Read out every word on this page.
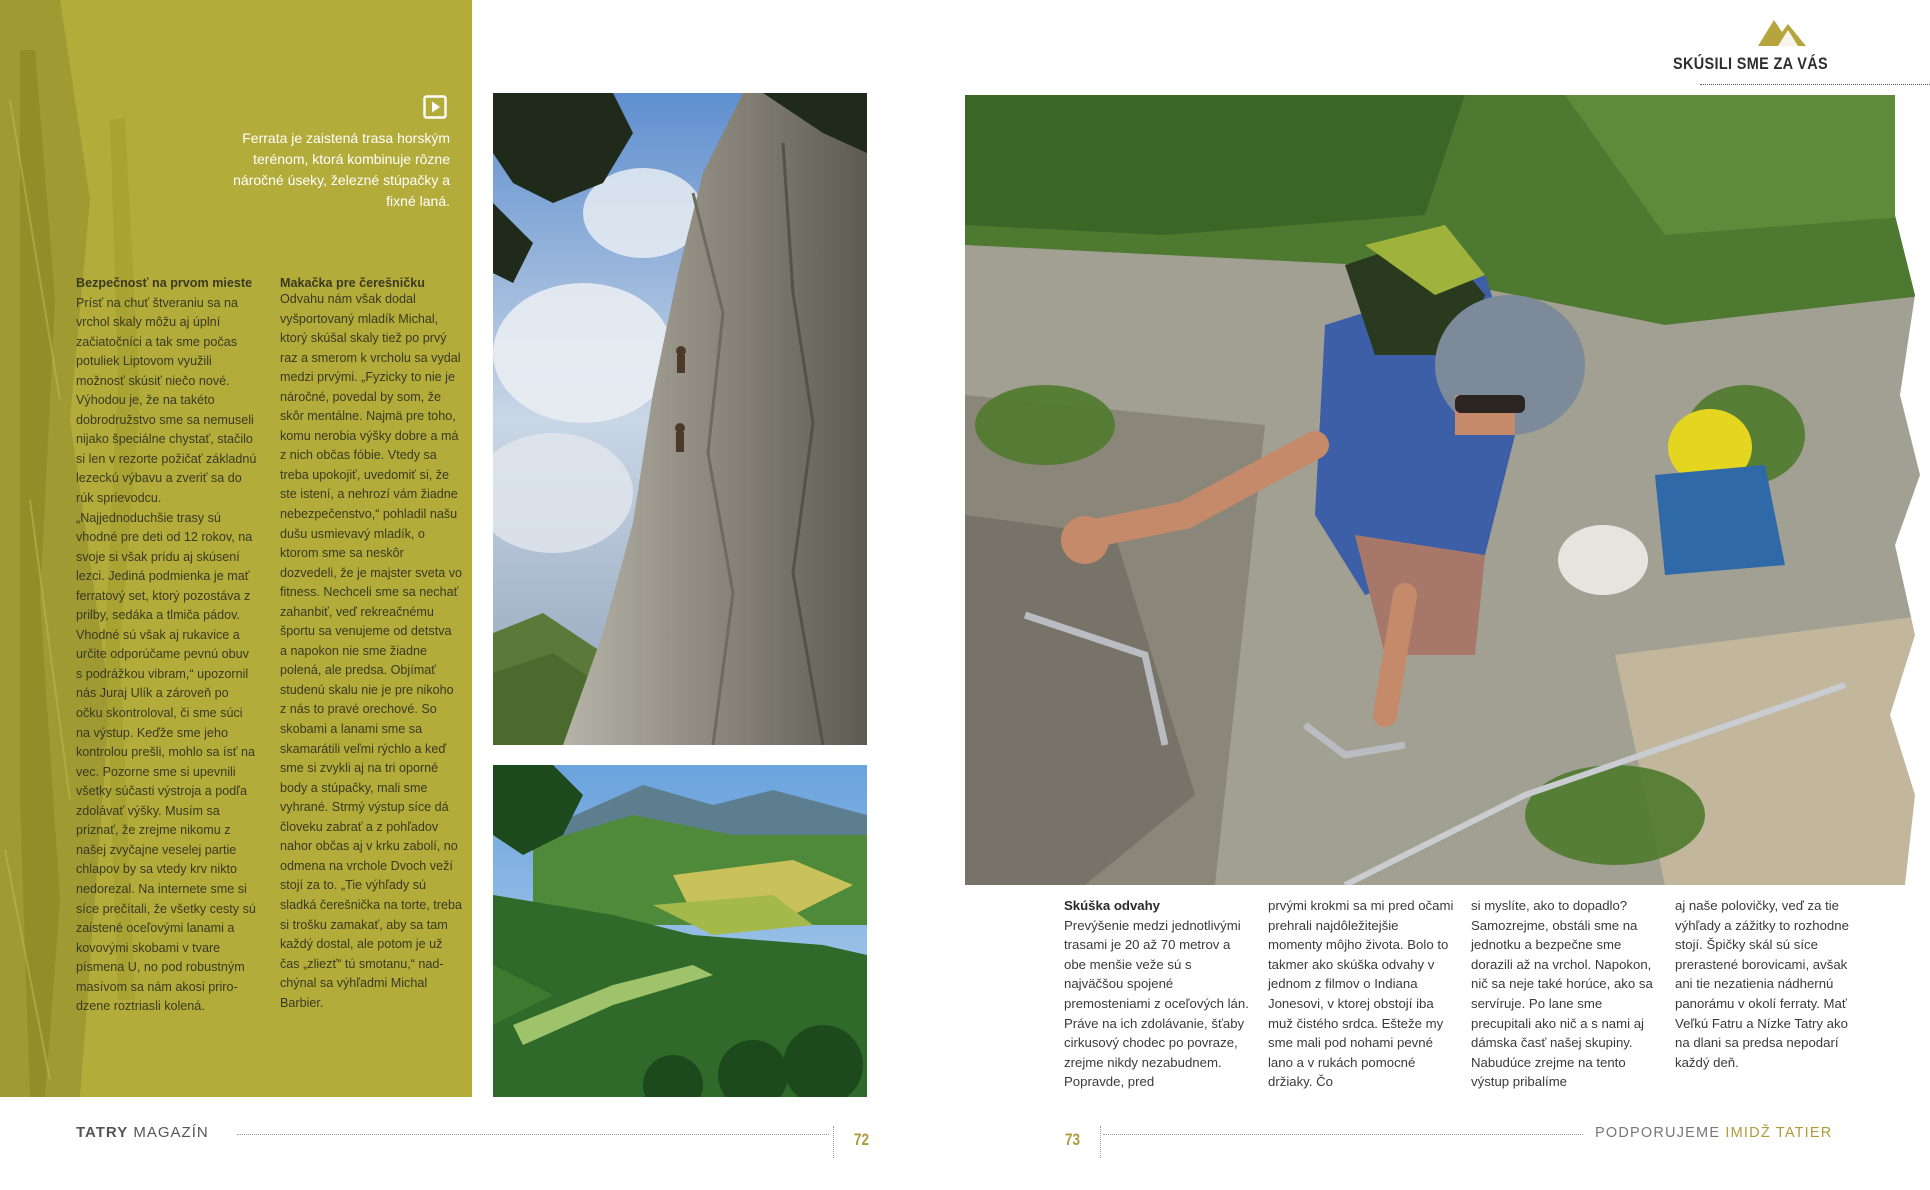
Ferrata je zaistená trasa horským terénom, ktorá kombinuje rôzne náročné úseky, železné stúpačky a fixné laná.
Bezpečnosť na prvom mieste
Prísť na chuť štveraniu sa na vrchol skaly môžu aj úplní začiatočníci a tak sme počas potuliek Liptovom využili možnosť skúsiť niečo nové. Výhodou je, že na takéto dobrodružstvo sme sa nemuseli nijako špeciálne chystať, stačilo si len v rezorte požičať základnú lezeckú výbavu a zveriť sa do rúk sprievodcu. „Najjednoduchšie trasy sú vhodné pre deti od 12 rokov, na svoje si však prídu aj skúsení lezci. Jediná podmienka je mať ferratový set, ktorý pozostáva z prilby, sedáka a tlmiča pádov. Vhodné sú však aj rukavice a určite odporúčame pevnú obuv s podrážkou vibram,“ upozornil nás Juraj Ulík a zároveň po očku skontroloval, či sme súci na výstup. Keďže sme jeho kontrolou prešli, mohlo sa ísť na vec. Pozorne sme si upevnili všetky súčasti výstroja a podľa zdolávať výšky. Musím sa priznať, že zrejme nikomu z našej zvyčajne veselej partie chlapov by sa vtedy krv nikto nedorezal. Na internete sme si síce prečítali, že všetky cesty sú zaistené oceľovými lanami a kovovými skobami v tvare písmena U, no pod robustným masívom sa nám akosi prirodzene roztriasli kolená.
Makačka pre čerešničku
Odvahu nám však dodal vyšportovaný mladík Michal, ktorý skúšal skaly tiež po prvý raz a smerom k vrcholu sa vydal medzi prvými. „Fyzicky to nie je náročné, povedal by som, že skôr mentálne. Najmä pre toho, komu nerobia výšky dobre a má z nich občas fóbie. Vtedy sa treba upokojiť, uvedomiť si, že ste istení, a nehrozí vám žiadne nebezpečenstvo,“ pohladil našu dušu usmievavý mladík, o ktorom sme sa neskôr dozvedeli, že je majster sveta vo fitness. Nechceli sme sa nechať zahanbiť, veď rekreačnému športu sa venujeme od detstva a napokon nie sme žiadne polená, ale predsa. Objímať studenú skalu nie je pre nikoho z nás to pravé orechové. So skobami a lanami sme sa skamarátili veľmi rýchlo a keď sme si zvykli aj na tri oporné body a stúpačky, mali sme vyhrané. Strmý výstup síce dá človeku zabrať a z pohľadov nahor občas aj v krku zabolí, no odmena na vrchole Dvoch veží stojí za to. „Tie výhľady sú sladká čerešnička na torte, treba si trošku zamakať, aby sa tam každý dostal, ale potom je už čas „zliezť“ tú smotanu,“ nadchýnal sa výhľadmi Michal Barbier.
SKÚSILI SME ZA VÁS
Skúška odvahy
Prevýšenie medzi jednotlivými trasami je 20 až 70 metrov a obe menšie veže sú s najväčšou spojené premosteniami z oceľových lán. Práve na ich zdolávanie, šťaby cirkusový chodec po povraze, zrejme nikdy nezabudnem. Popravde, pred
prvými krokmi sa mi pred očami prehrali najdôležitejšie momenty môjho života. Bolo to takmer ako skúška odvahy v jednom z filmov o Indiana Jonesovi, v ktorej obstojí iba muž čistého srdca. Ešteže my sme mali pod nohami pevné lano a v rukách pomocné držiaky. Čo
si myslíte, ako to dopadlo? Samozrejme, obstáli sme na jednotku a bezpečne sme dorazili až na vrchol. Napokon, nič sa neje také horúce, ako sa servíruje. Po lane sme precupitali ako nič a s nami aj dámska časť našej skupiny. Nabudúce zrejme na tento výstup pribalíme
aj naše polovičky, veď za tie výhľady a zážitky to rozhodne stojí. Špičky skál sú síce prerastené borovicami, avšak ani tie nezatienia nádhernú panorámu v okolí ferraty. Mať Veľkú Fatru a Nízke Tatry ako na dlani sa predsa nepodarí každý deň.
TATRY MAGAZÍN	72	73	PODPORUJEME IMIDŽ TATIER
